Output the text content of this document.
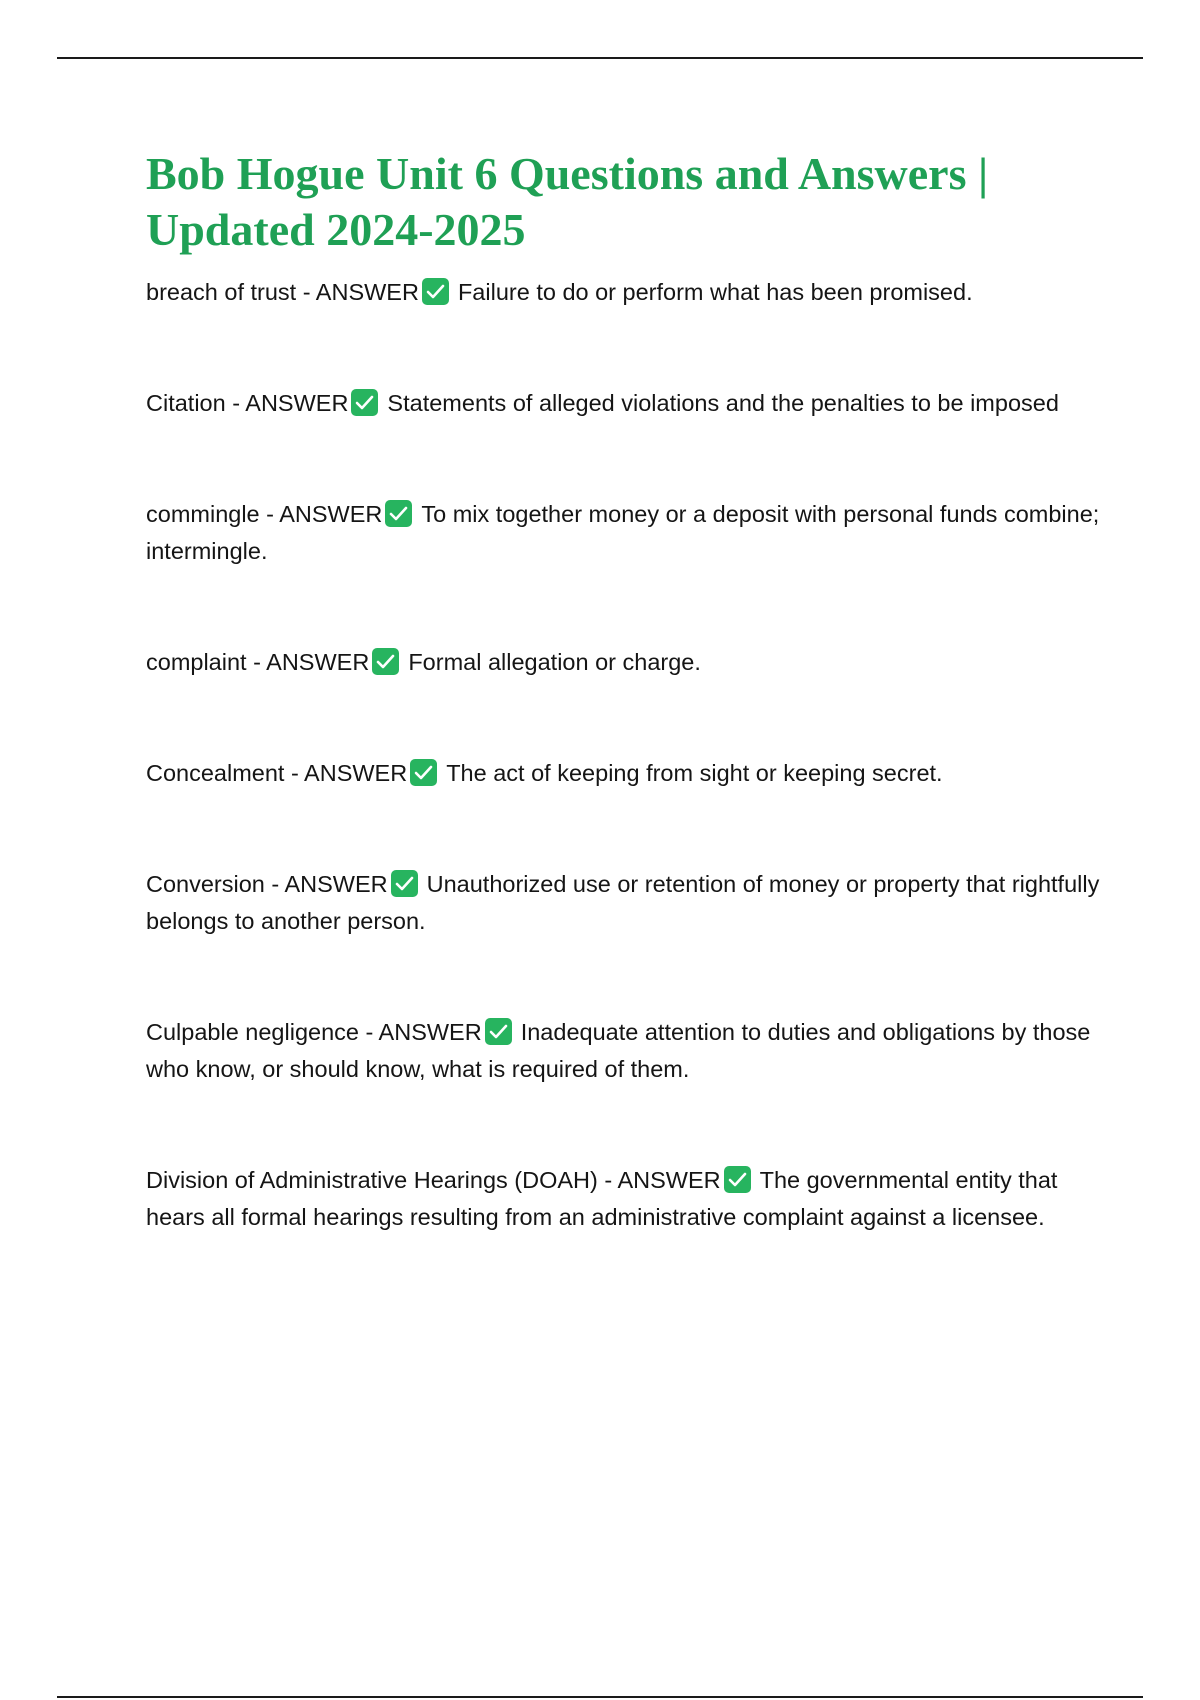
Bob Hogue Unit 6 Questions and Answers | Updated 2024-2025

breach of trust - ANSWER Failure to do or perform what has been promised.

Citation - ANSWER Statements of alleged violations and the penalties to be imposed

commingle - ANSWER To mix together money or a deposit with personal funds combine; intermingle.

complaint - ANSWER Formal allegation or charge.

Concealment - ANSWER The act of keeping from sight or keeping secret.

Conversion - ANSWER Unauthorized use or retention of money or property that rightfully belongs to another person.

Culpable negligence - ANSWER Inadequate attention to duties and obligations by those who know, or should know, what is required of them.

Division of Administrative Hearings (DOAH) - ANSWER The governmental entity that hears all formal hearings resulting from an administrative complaint against a licensee.
